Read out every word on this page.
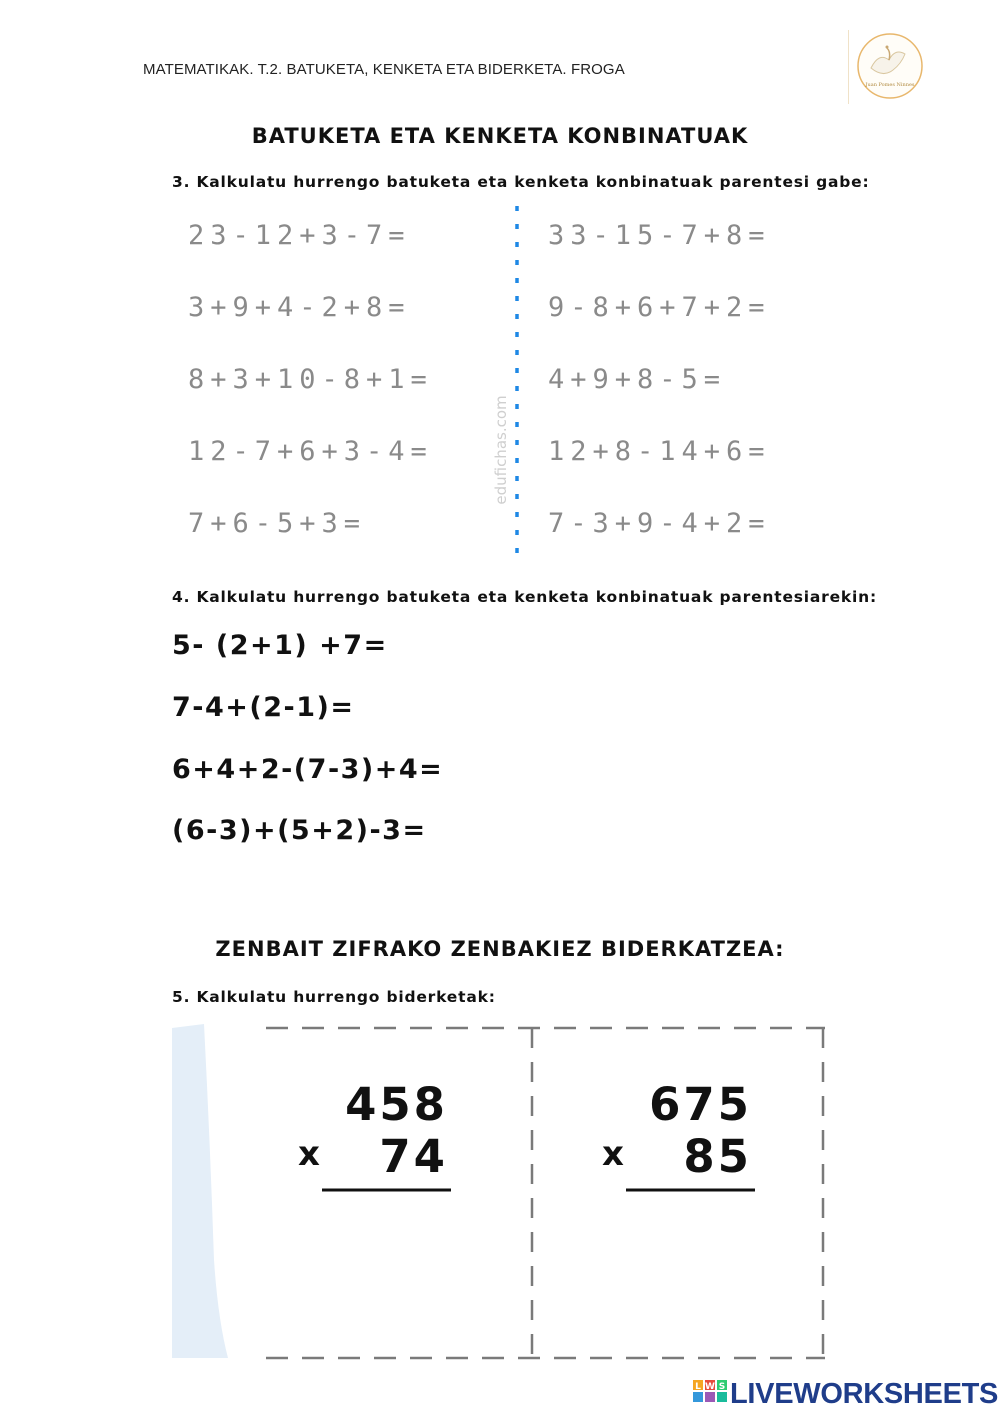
MATEMATIKAK. T.2. BATUKETA, KENKETA ETA BIDERKETA. FROGA
Juan Pomes Ninnes
BATUKETA ETA KENKETA KONBINATUAK
3. Kalkulatu hurrengo batuketa eta kenketa konbinatuak parentesi gabe:
23-12+3-7=
3+9+4-2+8=
8+3+10-8+1=
12-7+6+3-4=
7+6-5+3=
33-15-7+8=
9-8+6+7+2=
4+9+8-5=
12+8-14+6=
7-3+9-4+2=
edufichas.com
4. Kalkulatu hurrengo batuketa eta kenketa konbinatuak parentesiarekin:
5- (2+1) +7=
7-4+(2-1)=
6+4+2-(7-3)+4=
(6-3)+(5+2)-3=
ZENBAIT ZIFRAKO ZENBAKIEZ BIDERKATZEA:
5. Kalkulatu hurrengo biderketak:
458
x	74
675
x	85
L W S LIVEWORKSHEETS
